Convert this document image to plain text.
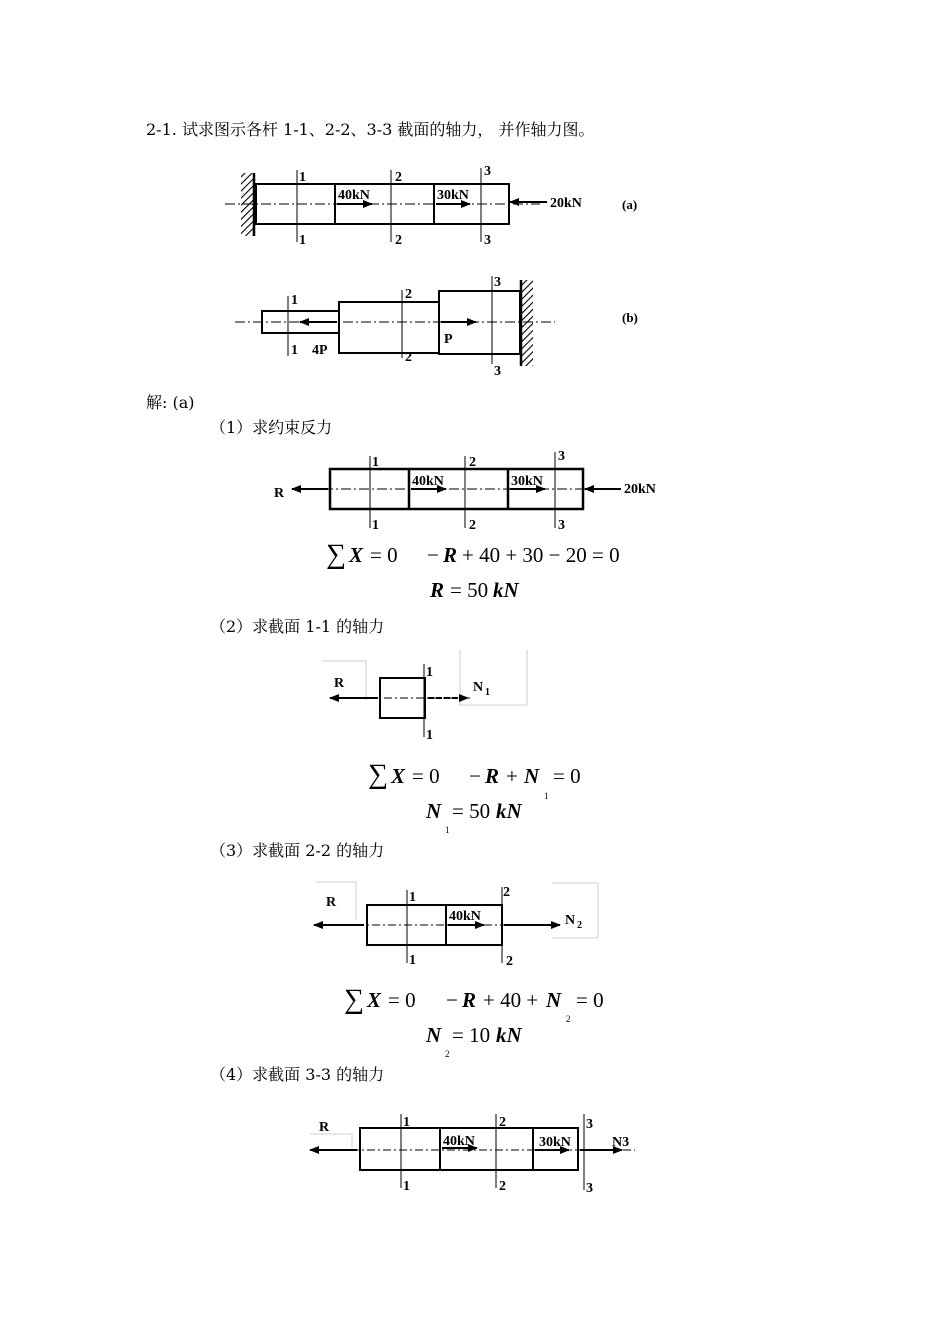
2-1. 试求图示各杆 1-1、2-2、3-3 截面的轴力， 并作轴力图。
解: (a)
（1）求约束反力
（2）求截面 1-1 的轴力
（3）求截面 2-2 的轴力
（4）求截面 3-3 的轴力
1
1
2
2
3
3
40kN	30kN
20kN	(a)
1
1
2
2
3
3
4P
P
(b)
1
1
2
2
3
3
40kN	30kN
20kN
R
∑ X = 0 − R + 40 + 30 − 20 = 0
R = 50 kN
R
1
1
N 1
∑ X = 0 − R + N
1
= 0
N
1
= 50 kN
R	1
1
2
2
40kN	N 2
∑ X = 0 − R + 40 + N
2
= 0
N
2
= 10 kN
R	1
1
2
2
3
3
40kN	30kN	N3
